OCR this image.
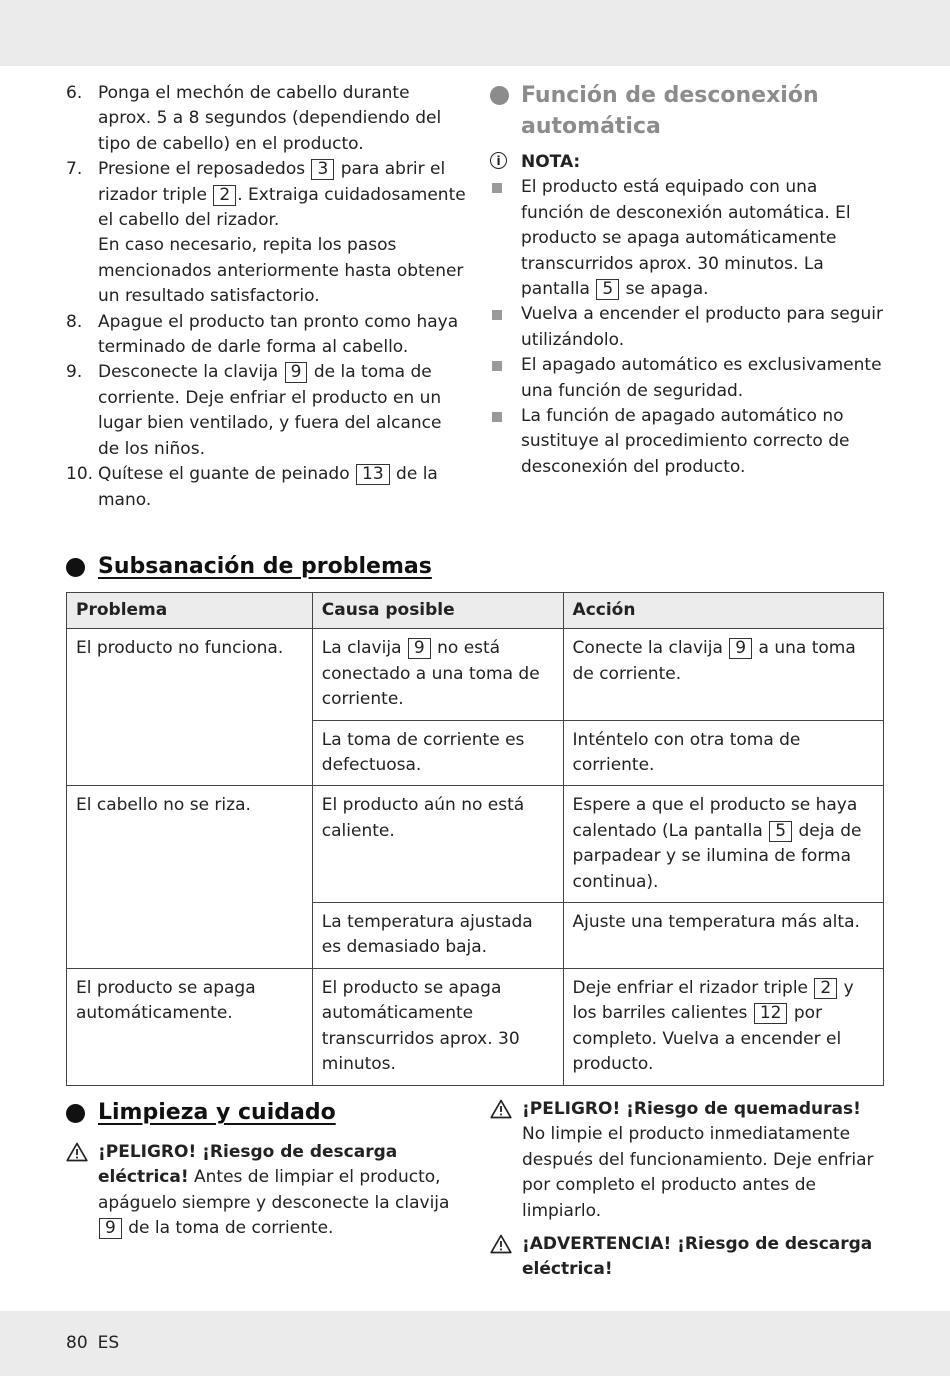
6. Ponga el mechón de cabello durante aprox. 5 a 8 segundos (dependiendo del tipo de cabello) en el producto.
7. Presione el reposadedos 3 para abrir el rizador triple 2 . Extraiga cuidadosamente el cabello del rizador.
En caso necesario, repita los pasos mencionados anteriormente hasta obtener un resultado satisfactorio.
8. Apague el producto tan pronto como haya terminado de darle forma al cabello.
9. Desconecte la clavija 9 de la toma de corriente. Deje enfriar el producto en un lugar bien ventilado, y fuera del alcance de los niños.
10. Quítese el guante de peinado 13 de la mano.
Función de desconexión automática
i	NOTA:
El producto está equipado con una función de desconexión automática. El producto se apaga automáticamente transcurridos aprox. 30 minutos. La pantalla 5 se apaga.
Vuelva a encender el producto para seguir utilizándolo.
El apagado automático es exclusivamente una función de seguridad.
La función de apagado automático no sustituye al procedimiento correcto de desconexión del producto.
Subsanación de problemas
Problema	Causa posible	Acción
El producto no funciona.	La clavija 9 no está conectado a una toma de corriente.	Conecte la clavija 9 a una toma de corriente.
	La toma de corriente es defectuosa.	Inténtelo con otra toma de corriente.
El cabello no se riza.	El producto aún no está caliente.	Espere a que el producto se haya calentado (La pantalla 5 deja de parpadear y se ilumina de forma continua).
	La temperatura ajustada es demasiado baja.	Ajuste una temperatura más alta.
El producto se apaga automáticamente.	El producto se apaga automáticamente transcurridos aprox. 30 minutos.	Deje enfriar el rizador triple 2 y los barriles calientes 12 por completo. Vuelva a encender el producto.
Limpieza y cuidado
¡PELIGRO! ¡Riesgo de descarga eléctrica! Antes de limpiar el producto, apáguelo siempre y desconecte la clavija 9 de la toma de corriente.
¡PELIGRO! ¡Riesgo de quemaduras!
No limpie el producto inmediatamente después del funcionamiento. Deje enfriar por completo el producto antes de limpiarlo.
¡ADVERTENCIA! ¡Riesgo de descarga eléctrica!
80 ES
